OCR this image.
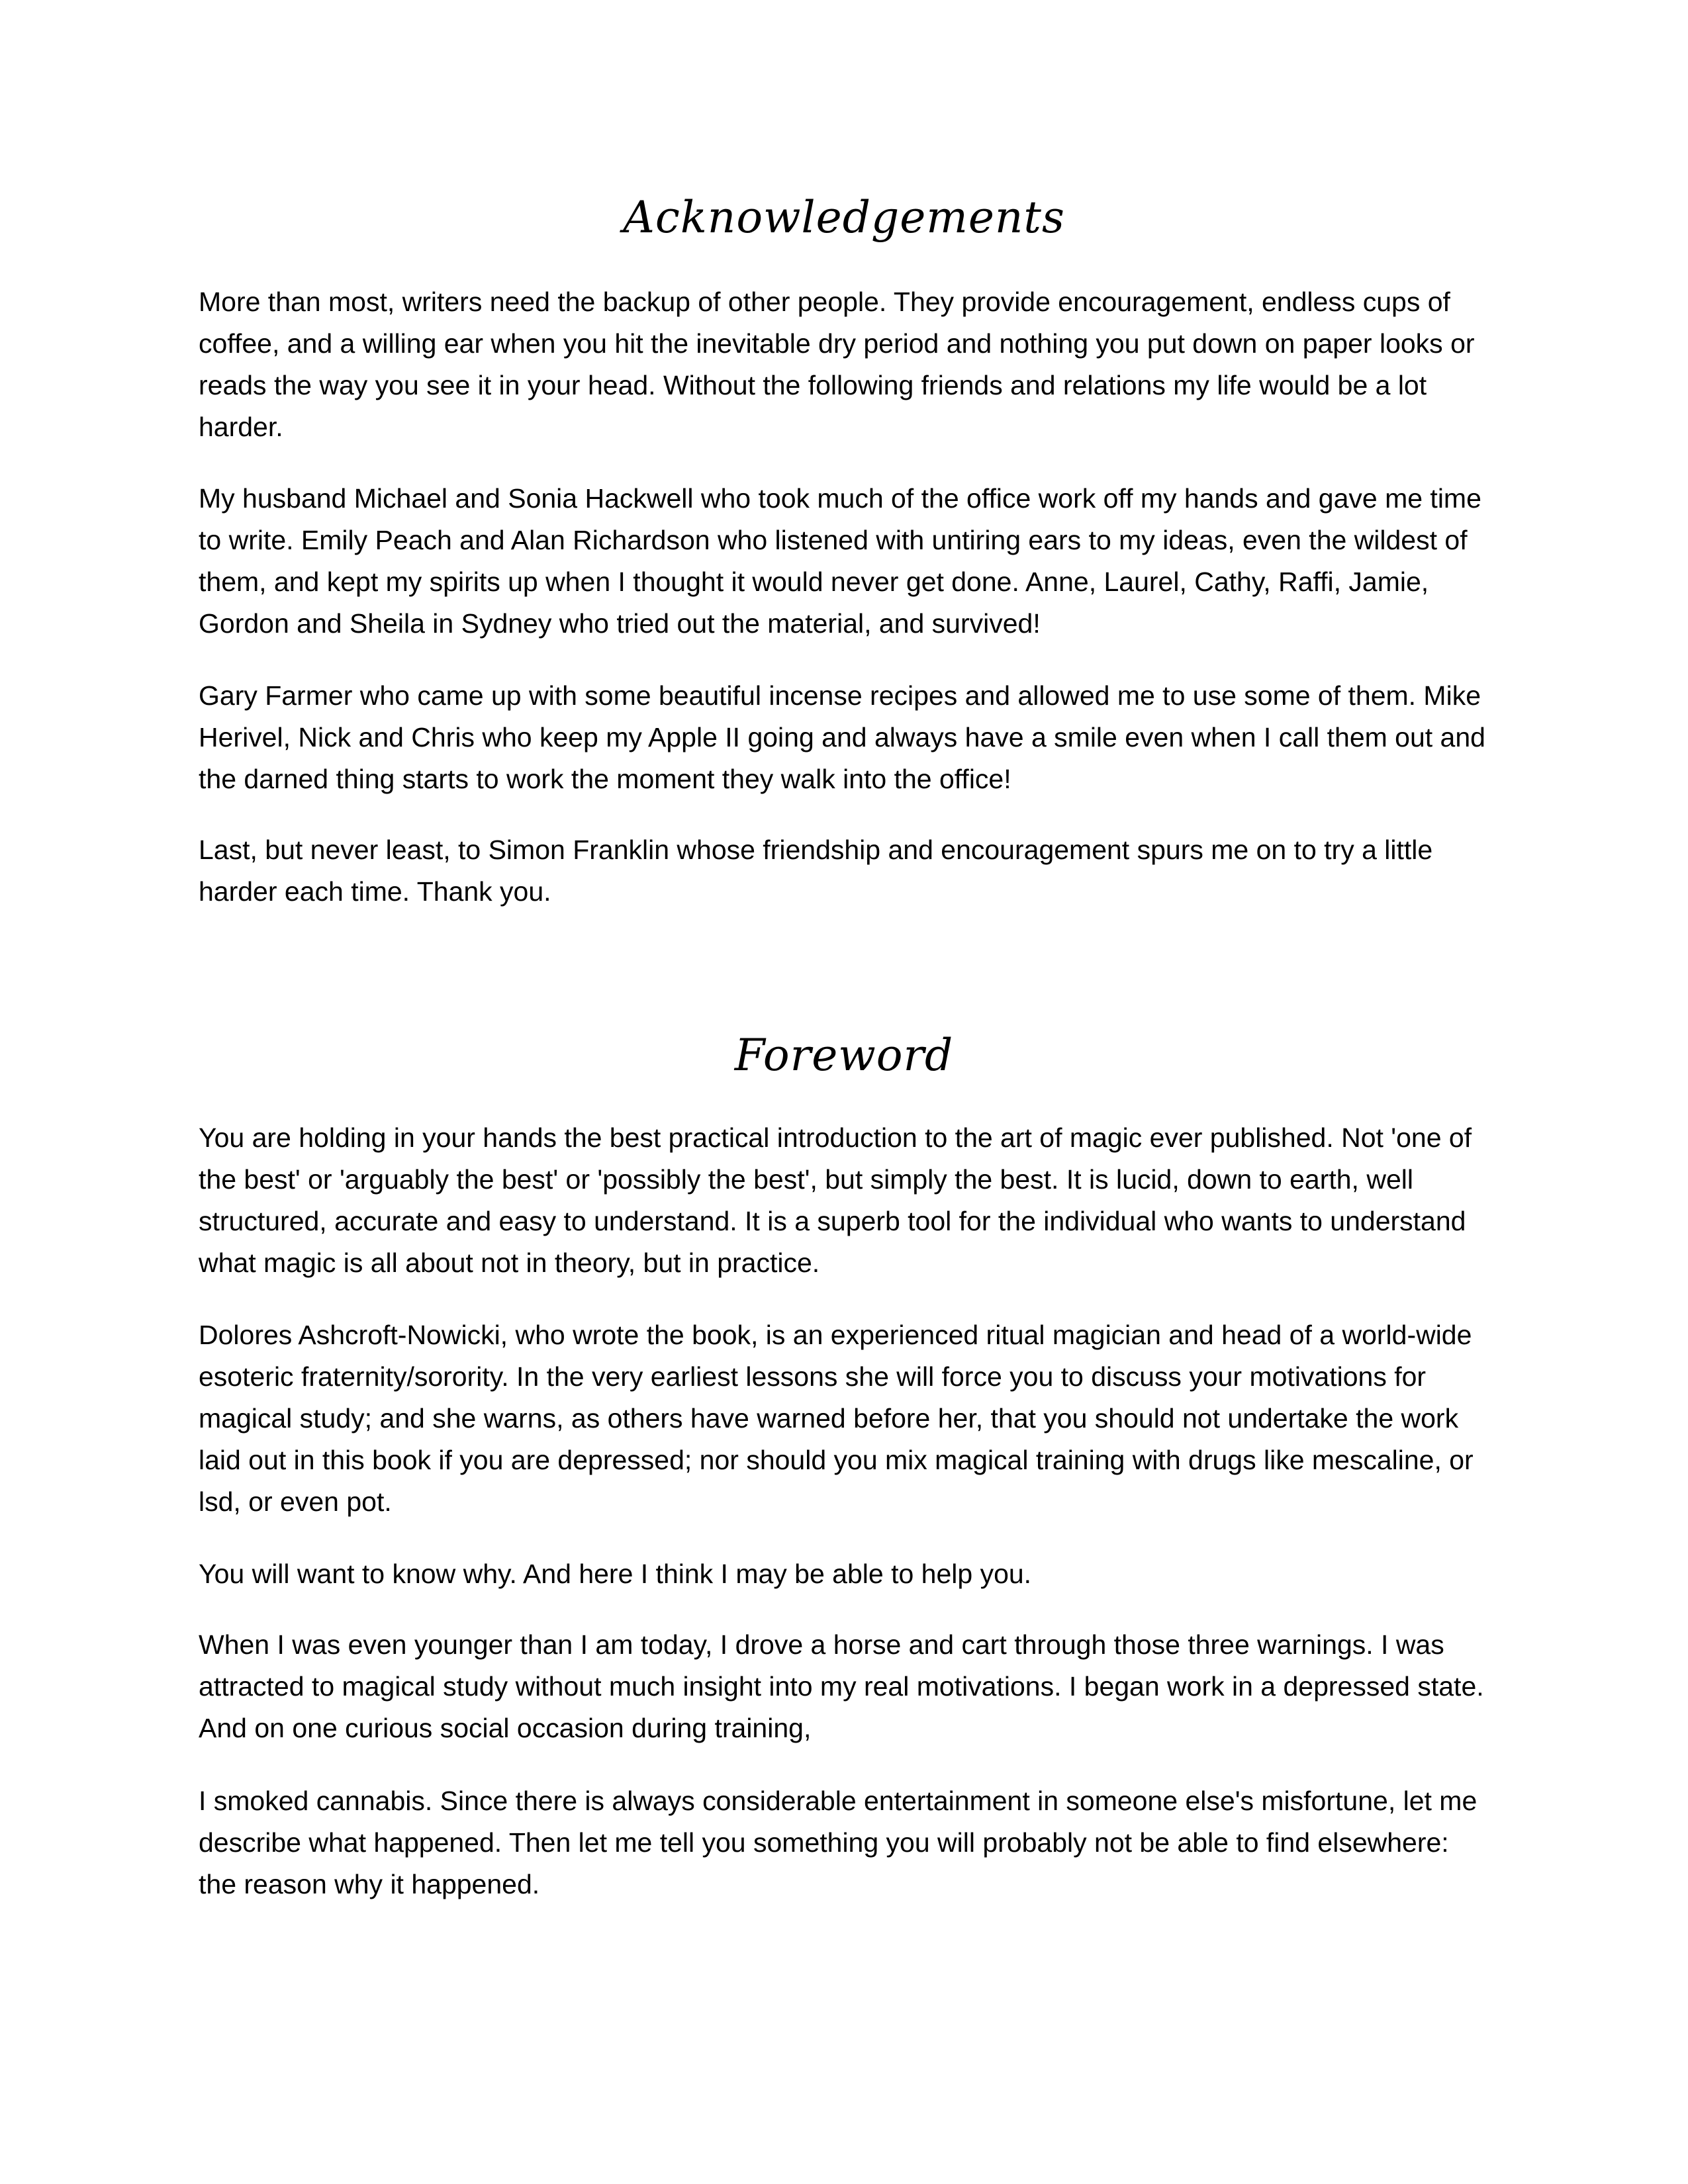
Acknowledgements

More than most, writers need the backup of other people. They provide encouragement, endless cups of coffee, and a willing ear when you hit the inevitable dry period and nothing you put down on paper looks or reads the way you see it in your head. Without the following friends and relations my life would be a lot harder.

My husband Michael and Sonia Hackwell who took much of the office work off my hands and gave me time to write. Emily Peach and Alan Richardson who listened with untiring ears to my ideas, even the wildest of them, and kept my spirits up when I thought it would never get done. Anne, Laurel, Cathy, Raffi, Jamie, Gordon and Sheila in Sydney who tried out the material, and survived!

Gary Farmer who came up with some beautiful incense recipes and allowed me to use some of them. Mike Herivel, Nick and Chris who keep my Apple II going and always have a smile even when I call them out and the darned thing starts to work the moment they walk into the office!

Last, but never least, to Simon Franklin whose friendship and encouragement spurs me on to try a little harder each time. Thank you.

Foreword

You are holding in your hands the best practical introduction to the art of magic ever published. Not 'one of the best' or 'arguably the best' or 'possibly the best', but simply the best. It is lucid, down to earth, well structured, accurate and easy to understand. It is a superb tool for the individual who wants to understand what magic is all about not in theory, but in practice.

Dolores Ashcroft-Nowicki, who wrote the book, is an experienced ritual magician and head of a world-wide esoteric fraternity/sorority. In the very earliest lessons she will force you to discuss your motivations for magical study; and she warns, as others have warned before her, that you should not undertake the work laid out in this book if you are depressed; nor should you mix magical training with drugs like mescaline, or lsd, or even pot.

You will want to know why. And here I think I may be able to help you.

When I was even younger than I am today, I drove a horse and cart through those three warnings. I was attracted to magical study without much insight into my real motivations. I began work in a depressed state. And on one curious social occasion during training,

I smoked cannabis. Since there is always considerable entertainment in someone else's misfortune, let me describe what happened. Then let me tell you something you will probably not be able to find elsewhere: the reason why it happened.
